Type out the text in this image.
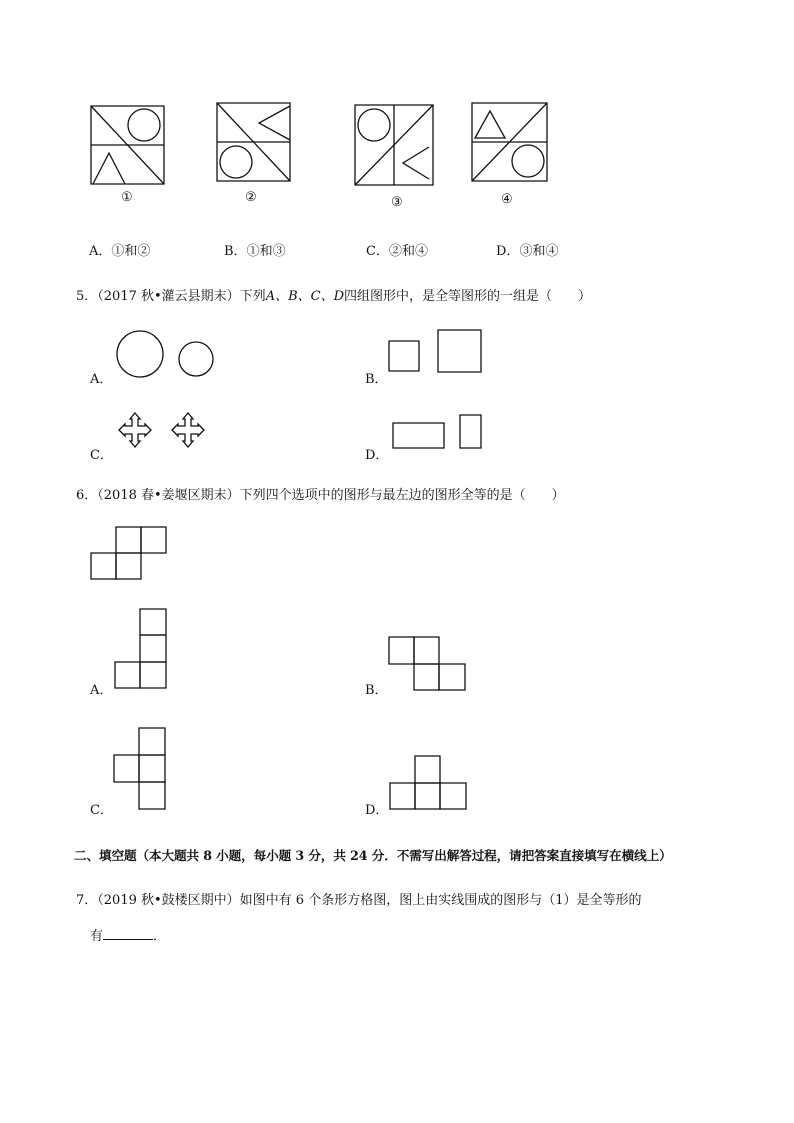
①	②	③	④
A．①和②	B．①和③	C．②和④	D．③和④
5．（2017 秋•灌云县期末）下列A、B、C、D四组图形中，是全等图形的一组是（　　）
A．	B．
C．	D．
6．（2018 春•姜堰区期末）下列四个选项中的图形与最左边的图形全等的是（　　）
A．	B．
C．	D．
二、填空题（本大题共 8 小题，每小题 3 分，共 24 分．不需写出解答过程，请把答案直接填写在横线上）
7．（2019 秋•鼓楼区期中）如图中有 6 个条形方格图，图上由实线围成的图形与（1）是全等形的
有	．
